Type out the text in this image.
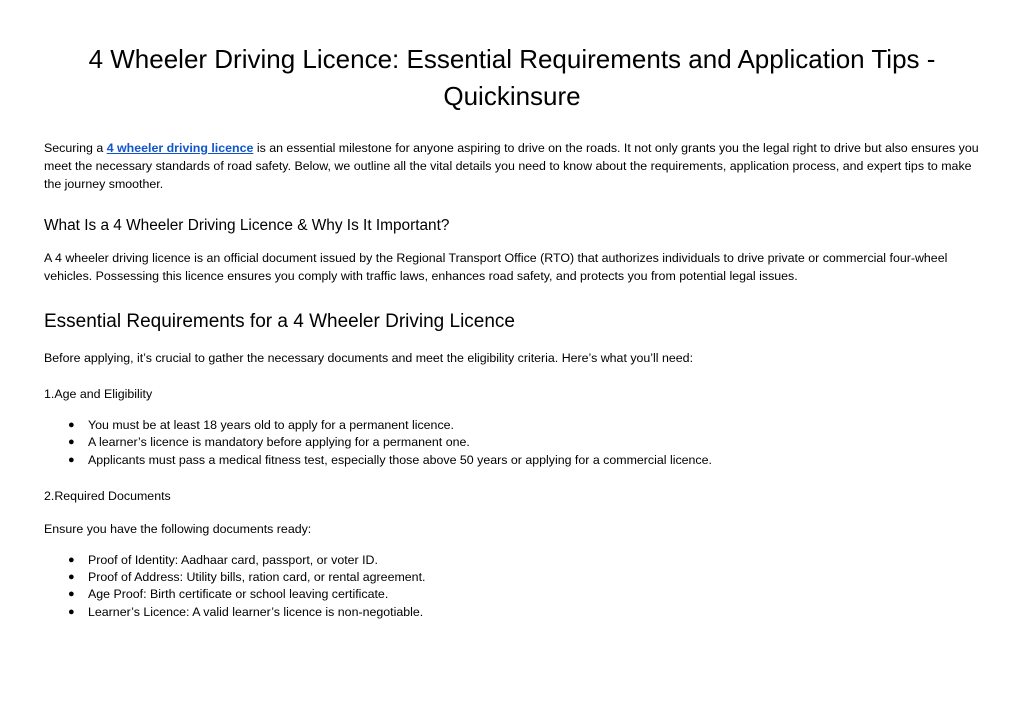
4 Wheeler Driving Licence: Essential Requirements and Application Tips - Quickinsure

Securing a 4 wheeler driving licence is an essential milestone for anyone aspiring to drive on the roads. It not only grants you the legal right to drive but also ensures you meet the necessary standards of road safety. Below, we outline all the vital details you need to know about the requirements, application process, and expert tips to make the journey smoother.

What Is a 4 Wheeler Driving Licence & Why Is It Important?

A 4 wheeler driving licence is an official document issued by the Regional Transport Office (RTO) that authorizes individuals to drive private or commercial four-wheel vehicles. Possessing this licence ensures you comply with traffic laws, enhances road safety, and protects you from potential legal issues.

Essential Requirements for a 4 Wheeler Driving Licence

Before applying, it’s crucial to gather the necessary documents and meet the eligibility criteria. Here’s what you’ll need:

1.Age and Eligibility

● You must be at least 18 years old to apply for a permanent licence.
● A learner’s licence is mandatory before applying for a permanent one.
● Applicants must pass a medical fitness test, especially those above 50 years or applying for a commercial licence.

2.Required Documents

Ensure you have the following documents ready:

● Proof of Identity: Aadhaar card, passport, or voter ID.
● Proof of Address: Utility bills, ration card, or rental agreement.
● Age Proof: Birth certificate or school leaving certificate.
● Learner’s Licence: A valid learner’s licence is non-negotiable.
